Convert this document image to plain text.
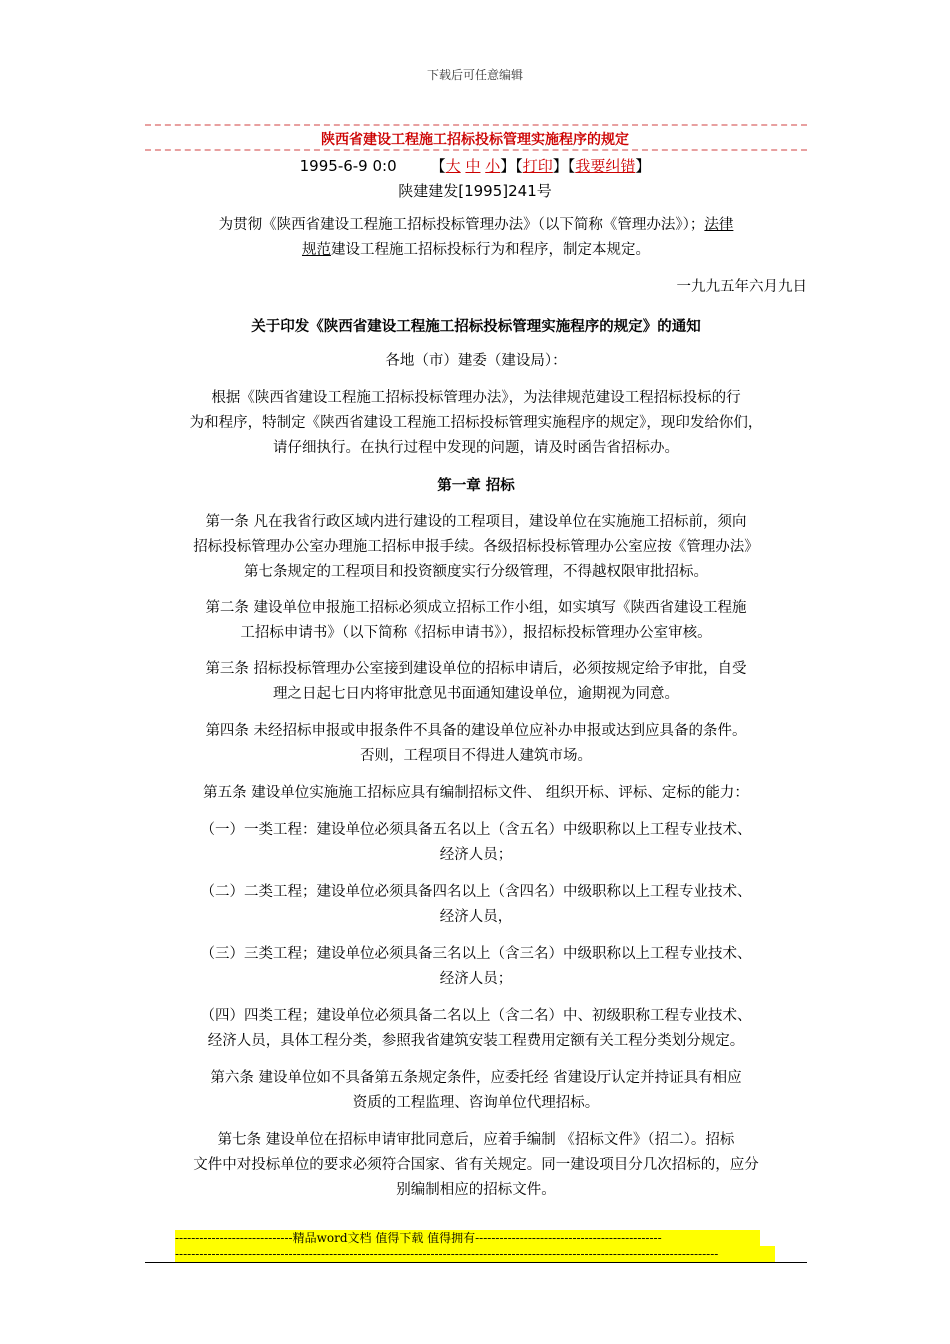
下载后可任意编辑
陕西省建设工程施工招标投标管理实施程序的规定
1995-6-9 0:0 【大 中 小】【打印】【我要纠错】
陕建建发[1995]241号

为贯彻《陕西省建设工程施工招标投标管理办法》（以下简称《管理办法》）；法律
规范建设工程施工招标投标行为和程序，制定本规定。

一九九五年六月九日

关于印发《陕西省建设工程施工招标投标管理实施程序的规定》的通知

各地（市）建委（建设局）：

根据《陕西省建设工程施工招标投标管理办法》，为法律规范建设工程招标投标的行
为和程序，特制定《陕西省建设工程施工招标投标管理实施程序的规定》，现印发给你们，
请仔细执行。在执行过程中发现的问题，请及时函告省招标办。

第一章 招标

第一条 凡在我省行政区域内进行建设的工程项目，建设单位在实施施工招标前，须向
招标投标管理办公室办理施工招标申报手续。各级招标投标管理办公室应按《管理办法》
第七条规定的工程项目和投资额度实行分级管理，不得越权限审批招标。

第二条 建设单位申报施工招标必须成立招标工作小组，如实填写《陕西省建设工程施
工招标申请书》（以下简称《招标申请书》），报招标投标管理办公室审核。

第三条 招标投标管理办公室接到建设单位的招标申请后，必须按规定给予审批，自受
理之日起七日内将审批意见书面通知建设单位，逾期视为同意。

第四条 未经招标申报或申报条件不具备的建设单位应补办申报或达到应具备的条件。
否则，工程项目不得进人建筑市场。

第五条 建设单位实施施工招标应具有编制招标文件、 组织开标、评标、定标的能力：

（一）一类工程：建设单位必须具备五名以上（含五名）中级职称以上工程专业技术、
经济人员；

（二）二类工程；建设单位必须具备四名以上（含四名）中级职称以上工程专业技术、
经济人员，

（三）三类工程；建设单位必须具备三名以上（含三名）中级职称以上工程专业技术、
经济人员；

（四）四类工程；建设单位必须具备二名以上（含二名）中、初级职称工程专业技术、
经济人员，具体工程分类，参照我省建筑安装工程费用定额有关工程分类划分规定。

第六条 建设单位如不具备第五条规定条件，应委托经 省建设厅认定并持证具有相应
资质的工程监理、咨询单位代理招标。

第七条 建设单位在招标申请审批同意后，应着手编制 《招标文件》（招二）。招标
文件中对投标单位的要求必须符合国家、省有关规定。同一建设项目分几次招标的，应分
别编制相应的招标文件。

-----------------------------精品word文档 值得下载 值得拥有----------------------------------------------
--------------------------------------------------------------------------------------------------------------------------------------
